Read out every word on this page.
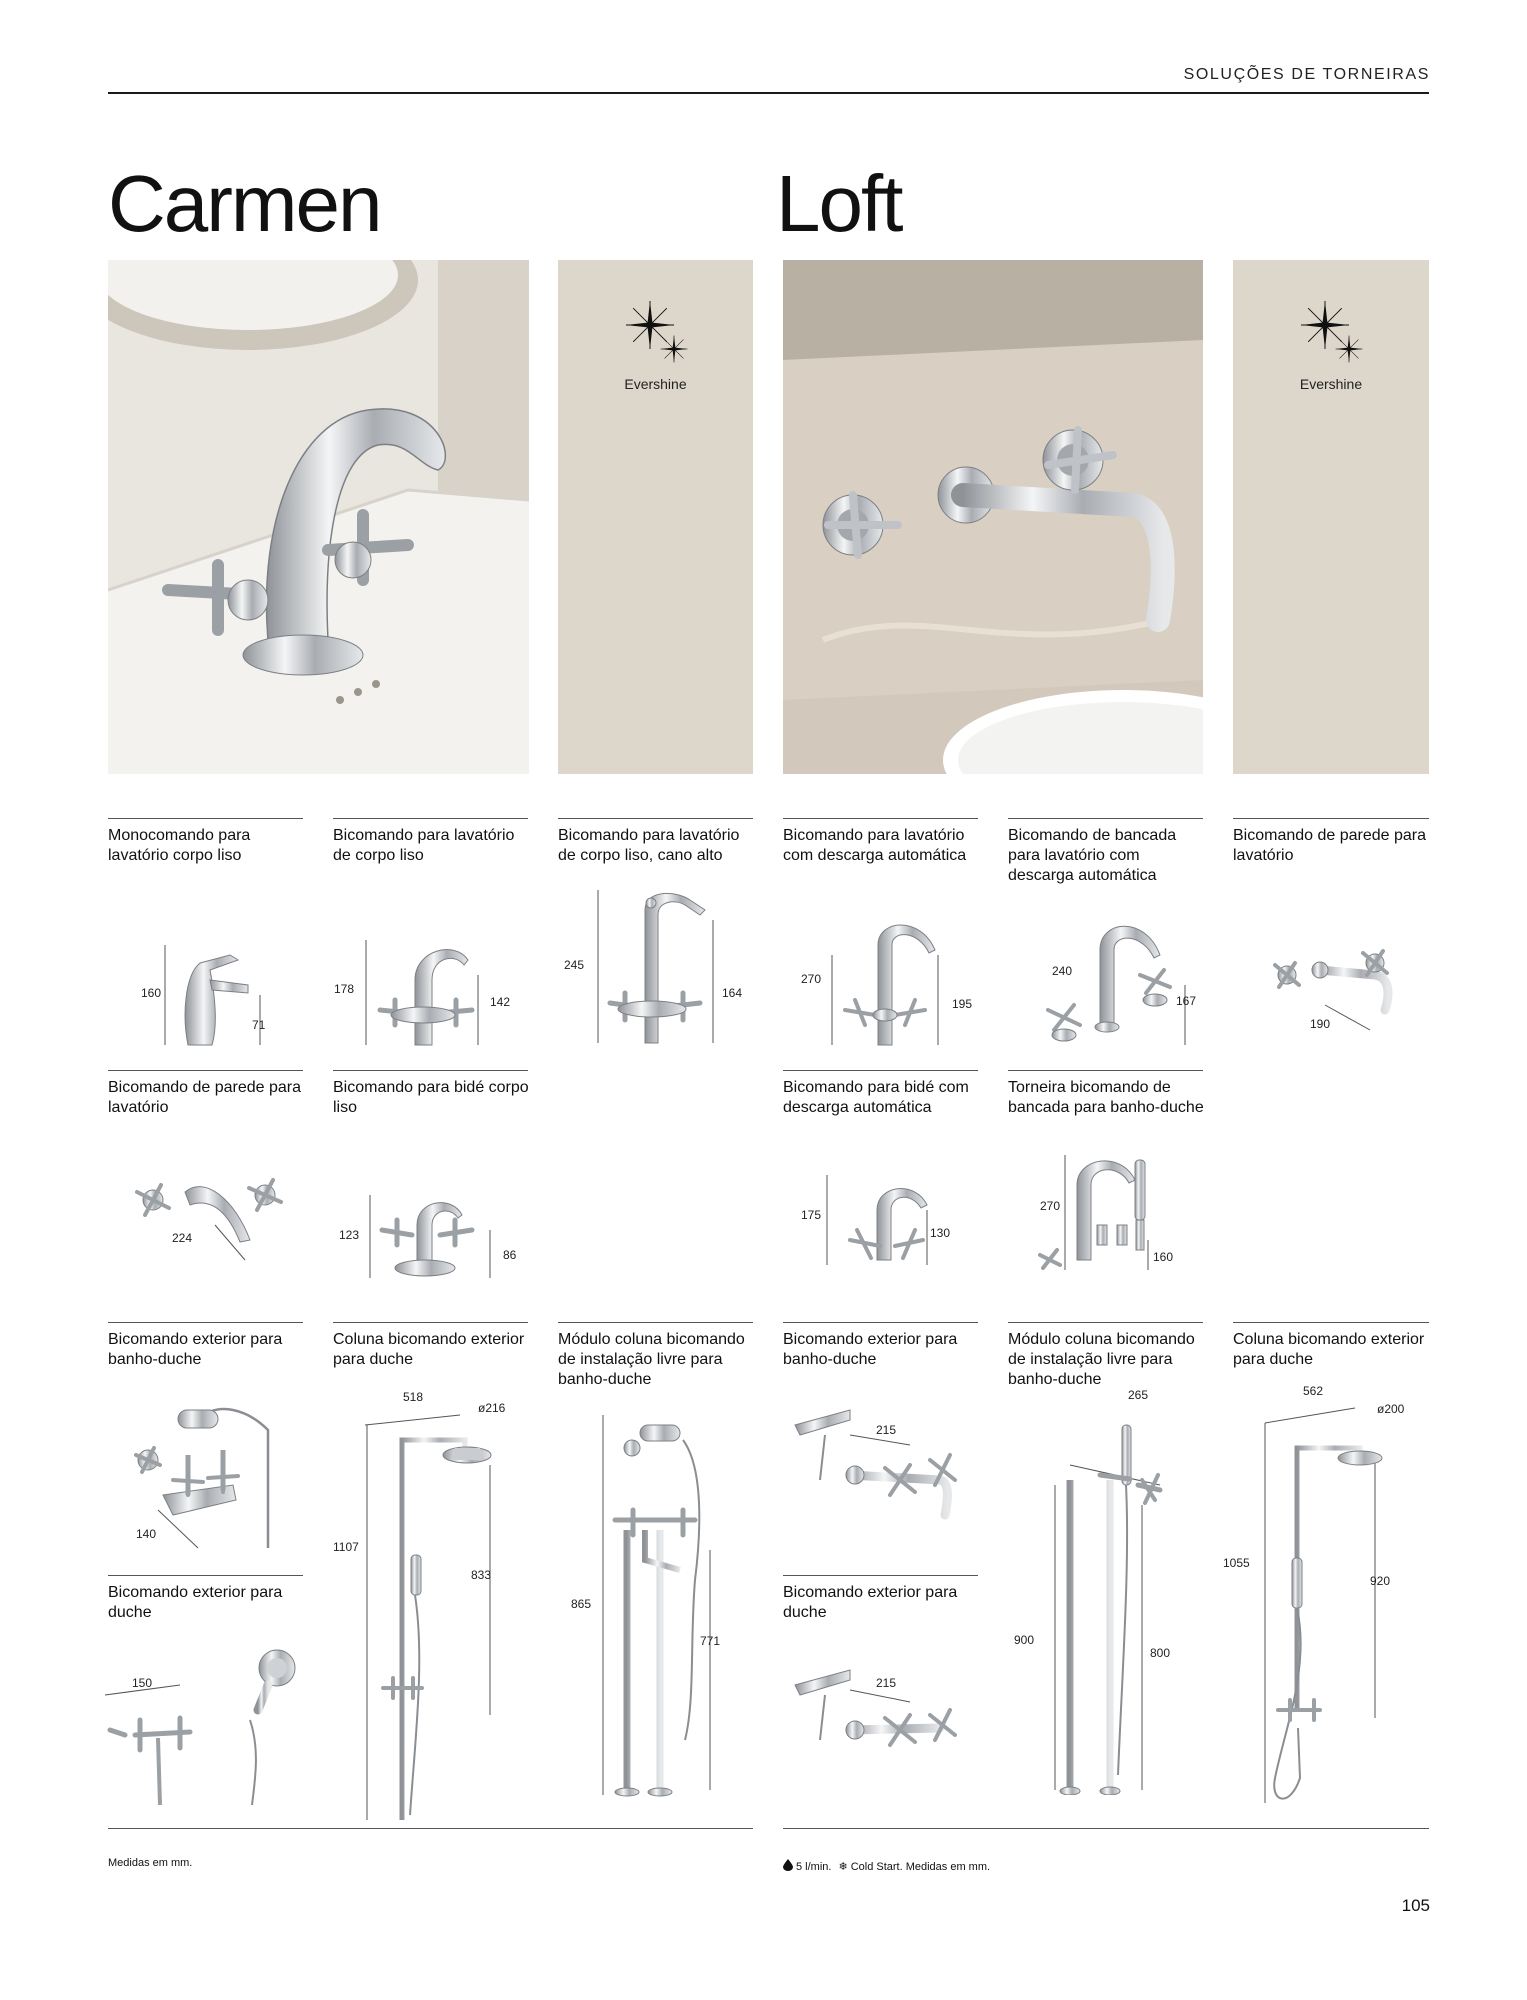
SOLUÇÕES DE TORNEIRAS
Carmen	Loft
Evershine	Evershine
Monocomando para lavatório corpo liso
160
71
Bicomando para lavatório de corpo liso
178
142
Bicomando para lavatório de corpo liso, cano alto
245
164
Bicomando de parede para lavatório
224
Bicomando para bidé corpo liso
123
86
Bicomando exterior para banho-duche
140
Bicomando exterior para duche
150
Coluna bicomando exterior para duche
518
ø216
1107
833
Módulo coluna bicomando de instalação livre para banho-duche
865
771
Bicomando para lavatório com descarga automática
270
195
Bicomando de bancada para lavatório com descarga automática
240
167
Bicomando de parede para lavatório
190
Bicomando para bidé com descarga automática
175
130
Torneira bicomando de bancada para banho-duche
270
160
Bicomando exterior para banho-duche
215
Bicomando exterior para duche
215
Módulo coluna bicomando de instalação livre para banho-duche
265
900
800
Coluna bicomando exterior para duche
562
ø200
1055
920
Medidas em mm.	5 l/min. ❄ Cold Start. Medidas em mm.
105
